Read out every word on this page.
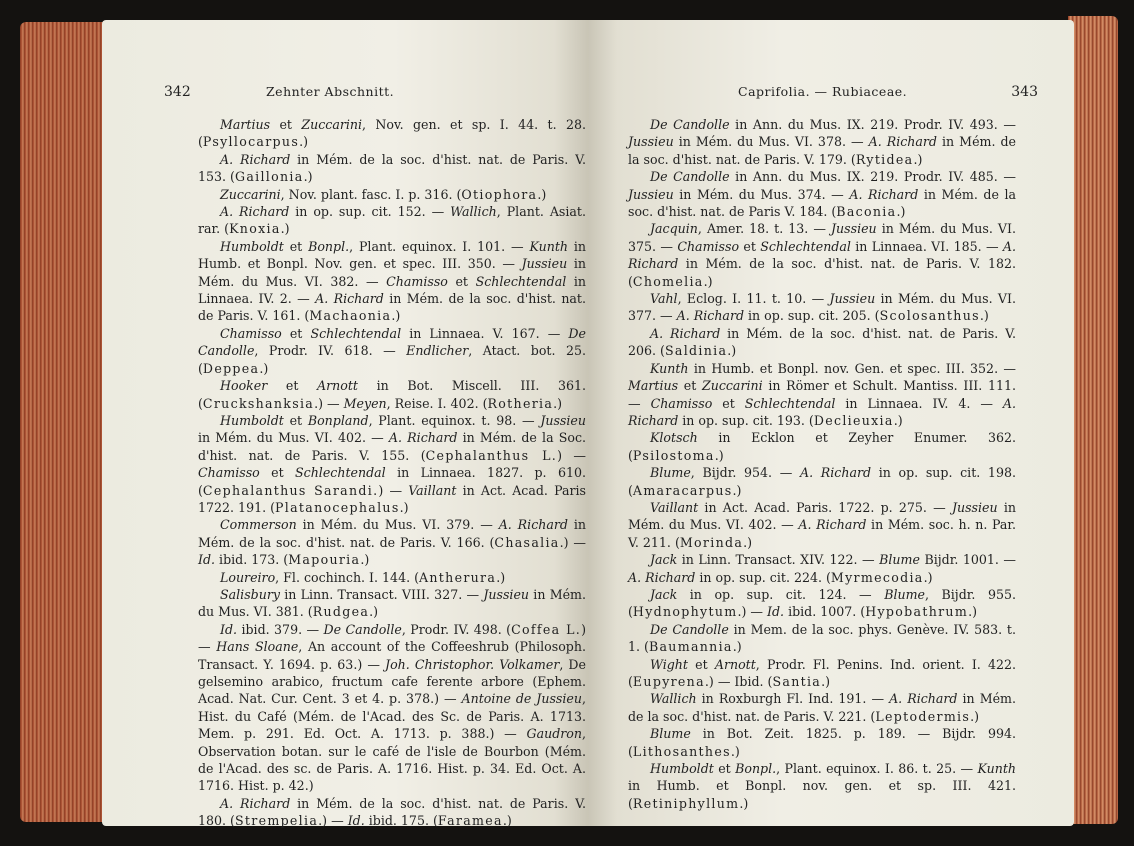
342	Zehnter Abschnitt.

Martius et Zuccarini, Nov. gen. et sp. I. 44. t. 28. (Psyllocarpus.)

A. Richard in Mém. de la soc. d'hist. nat. de Paris. V. 153. (Gaillonia.)

Zuccarini, Nov. plant. fasc. I. p. 316. (Otiophora.)

A. Richard in op. sup. cit. 152. — Wallich, Plant. Asiat. rar. (Knoxia.)

Humboldt et Bonpl., Plant. equinox. I. 101. — Kunth in Humb. et Bonpl. Nov. gen. et spec. III. 350. — Jussieu in Mém. du Mus. VI. 382. — Chamisso et Schlechtendal in Linnaea. IV. 2. — A. Richard in Mém. de la soc. d'hist. nat. de Paris. V. 161. (Machaonia.)

Chamisso et Schlechtendal in Linnaea. V. 167. — De Candolle, Prodr. IV. 618. — Endlicher, Atact. bot. 25. (Deppea.)

Hooker et Arnott in Bot. Miscell. III. 361. (Cruckshanksia.) — Meyen, Reise. I. 402. (Rotheria.)

Humboldt et Bonpland, Plant. equinox. t. 98. — Jussieu in Mém. du Mus. VI. 402. — A. Richard in Mém. de la Soc. d'hist. nat. de Paris. V. 155. (Cephalanthus L.) — Chamisso et Schlechtendal in Linnaea. 1827. p. 610. (Cephalanthus Sarandi.) — Vaillant in Act. Acad. Paris 1722. 191. (Platanocephalus.)

Commerson in Mém. du Mus. VI. 379. — A. Richard in Mém. de la soc. d'hist. nat. de Paris. V. 166. (Chasalia.) — Id. ibid. 173. (Mapouria.)

Loureiro, Fl. cochinch. I. 144. (Antherura.)

Salisbury in Linn. Transact. VIII. 327. — Jussieu in Mém. du Mus. VI. 381. (Rudgea.)

Id. ibid. 379. — De Candolle, Prodr. IV. 498. (Coffea L.) — Hans Sloane, An account of the Coffeeshrub (Philosoph. Transact. Y. 1694. p. 63.) — Joh. Christophor. Volkamer, De gelsemino arabico, fructum cafe ferente arbore (Ephem. Acad. Nat. Cur. Cent. 3 et 4. p. 378.) — Antoine de Jussieu, Hist. du Café (Mém. de l'Acad. des Sc. de Paris. A. 1713. Mem. p. 291. Ed. Oct. A. 1713. p. 388.) — Gaudron, Observation botan. sur le café de l'isle de Bourbon (Mém. de l'Acad. des sc. de Paris. A. 1716. Hist. p. 34. Ed. Oct. A. 1716. Hist. p. 42.)

A. Richard in Mém. de la soc. d'hist. nat. de Paris. V. 180. (Strempelia.) — Id. ibid. 175. (Faramea.)

Caprifolia. — Rubiaceae.	343

De Candolle in Ann. du Mus. IX. 219. Prodr. IV. 493. — Jussieu in Mém. du Mus. VI. 378. — A. Richard in Mém. de la soc. d'hist. nat. de Paris. V. 179. (Rytidea.)

De Candolle in Ann. du Mus. IX. 219. Prodr. IV. 485. — Jussieu in Mém. du Mus. 374. — A. Richard in Mém. de la soc. d'hist. nat. de Paris V. 184. (Baconia.)

Jacquin, Amer. 18. t. 13. — Jussieu in Mém. du Mus. VI. 375. — Chamisso et Schlechtendal in Linnaea. VI. 185. — A. Richard in Mém. de la soc. d'hist. nat. de Paris. V. 182. (Chomelia.)

Vahl, Eclog. I. 11. t. 10. — Jussieu in Mém. du Mus. VI. 377. — A. Richard in op. sup. cit. 205. (Scolosanthus.)

A. Richard in Mém. de la soc. d'hist. nat. de Paris. V. 206. (Saldinia.)

Kunth in Humb. et Bonpl. nov. Gen. et spec. III. 352. — Martius et Zuccarini in Römer et Schult. Mantiss. III. 111. — Chamisso et Schlechtendal in Linnaea. IV. 4. — A. Richard in op. sup. cit. 193. (Declieuxia.)

Klotsch in Ecklon et Zeyher Enumer. 362. (Psilostoma.)

Blume, Bijdr. 954. — A. Richard in op. sup. cit. 198. (Amaracarpus.)

Vaillant in Act. Acad. Paris. 1722. p. 275. — Jussieu in Mém. du Mus. VI. 402. — A. Richard in Mém. soc. h. n. Par. V. 211. (Morinda.)

Jack in Linn. Transact. XIV. 122. — Blume Bijdr. 1001. — A. Richard in op. sup. cit. 224. (Myrmecodia.)

Jack in op. sup. cit. 124. — Blume, Bijdr. 955. (Hydnophytum.) — Id. ibid. 1007. (Hypobathrum.)

De Candolle in Mem. de la soc. phys. Genève. IV. 583. t. 1. (Baumannia.)

Wight et Arnott, Prodr. Fl. Penins. Ind. orient. I. 422. (Eupyrena.) — Ibid. (Santia.)

Wallich in Roxburgh Fl. Ind. 191. — A. Richard in Mém. de la soc. d'hist. nat. de Paris. V. 221. (Leptodermis.)

Blume in Bot. Zeit. 1825. p. 189. — Bijdr. 994. (Lithosanthes.)

Humboldt et Bonpl., Plant. equinox. I. 86. t. 25. — Kunth in Humb. et Bonpl. nov. gen. et sp. III. 421. (Retiniphyllum.)
